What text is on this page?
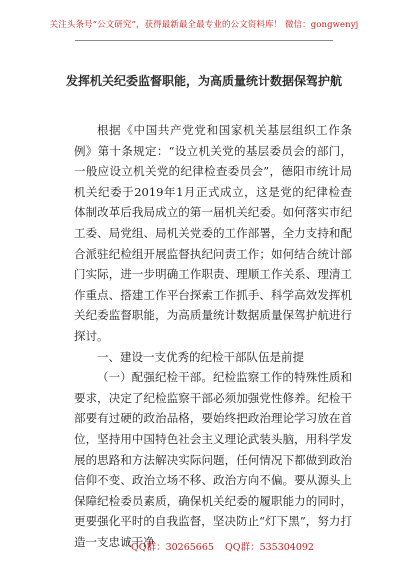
关注头条号“公文研究”，获得最新最全最专业的公文资料库！ 微信：gongwenyj
发挥机关纪委监督职能，为高质量统计数据保驾护航

根据《中国共产党党和国家机关基层组织工作条例》第十条规定：“设立机关党的基层委员会的部门，一般应设立机关党的纪律检查委员会”，德阳市统计局机关纪委于2019年1月正式成立，这是党的纪律检查体制改革后我局成立的第一届机关纪委。如何落实市纪工委、局党组、局机关党委的工作部署，全力支持和配合派驻纪检组开展监督执纪问责工作；如何结合统计部门实际，进一步明确工作职责、理顺工作关系、理清工作重点、搭建工作平台探索工作抓手、科学高效发挥机关纪委监督职能，为高质量统计数据质量保驾护航进行探讨。

一、建设一支优秀的纪检干部队伍是前提

（一）配强纪检干部。纪检监察工作的特殊性质和要求，决定了纪检监察干部必须加强党性修养。纪检干部要有过硬的政治品格，要始终把政治理论学习放在首位，坚持用中国特色社会主义理论武装头脑，用科学发展的思路和方法解决实际问题，任何情况下都做到政治信仰不变、政治立场不移、政治方向不偏。要从源头上保障纪检委员素质，确保机关纪委的履职能力的同时，更要强化平时的自我监督，坚决防止“灯下黑”，努力打造一支忠诚干净

QQ群：30265665 QQ群：535304092
